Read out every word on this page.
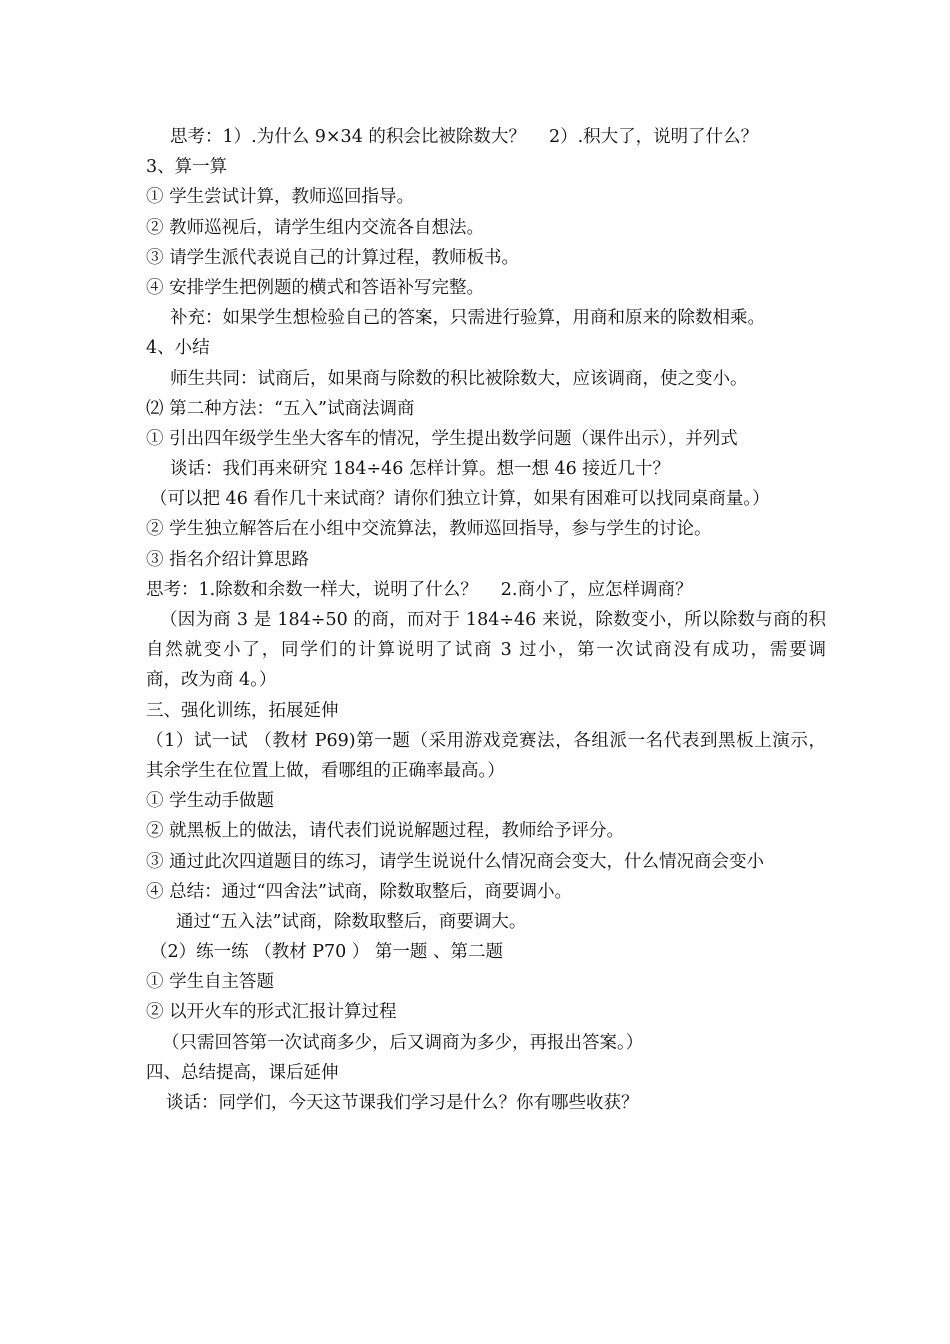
思考：1）.为什么 9×34 的积会比被除数大？　 2）.积大了，说明了什么？
3、算一算
① 学生尝试计算，教师巡回指导。
② 教师巡视后，请学生组内交流各自想法。
③ 请学生派代表说自己的计算过程，教师板书。
④ 安排学生把例题的横式和答语补写完整。
补充：如果学生想检验自己的答案，只需进行验算，用商和原来的除数相乘。
4、小结
师生共同：试商后，如果商与除数的积比被除数大，应该调商，使之变小。
⑵ 第二种方法：“五入”试商法调商
① 引出四年级学生坐大客车的情况，学生提出数学问题（课件出示），并列式
谈话：我们再来研究 184÷46 怎样计算。想一想 46 接近几十？
（可以把 46 看作几十来试商？请你们独立计算，如果有困难可以找同桌商量。）
② 学生独立解答后在小组中交流算法，教师巡回指导，参与学生的讨论。
③ 指名介绍计算思路
思考：1.除数和余数一样大，说明了什么？　 2.商小了，应怎样调商？
（因为商 3 是 184÷50 的商，而对于 184÷46 来说，除数变小，所以除数与商的积
自然就变小了，同学们的计算说明了试商 3 过小，第一次试商没有成功，需要调
商，改为商 4。）
三、强化训练，拓展延伸
（1）试一试 （教材 P69)第一题（采用游戏竞赛法，各组派一名代表到黑板上演示，
其余学生在位置上做，看哪组的正确率最高。）
① 学生动手做题
② 就黑板上的做法，请代表们说说解题过程，教师给予评分。
③ 通过此次四道题目的练习，请学生说说什么情况商会变大，什么情况商会变小
④ 总结：通过“四舍法”试商，除数取整后，商要调小。
通过“五入法”试商，除数取整后，商要调大。
（2）练一练 （教材 P70 ） 第一题 、第二题
① 学生自主答题
② 以开火车的形式汇报计算过程
（只需回答第一次试商多少，后又调商为多少，再报出答案。）
四、总结提高，课后延伸
谈话：同学们，今天这节课我们学习是什么？你有哪些收获？
